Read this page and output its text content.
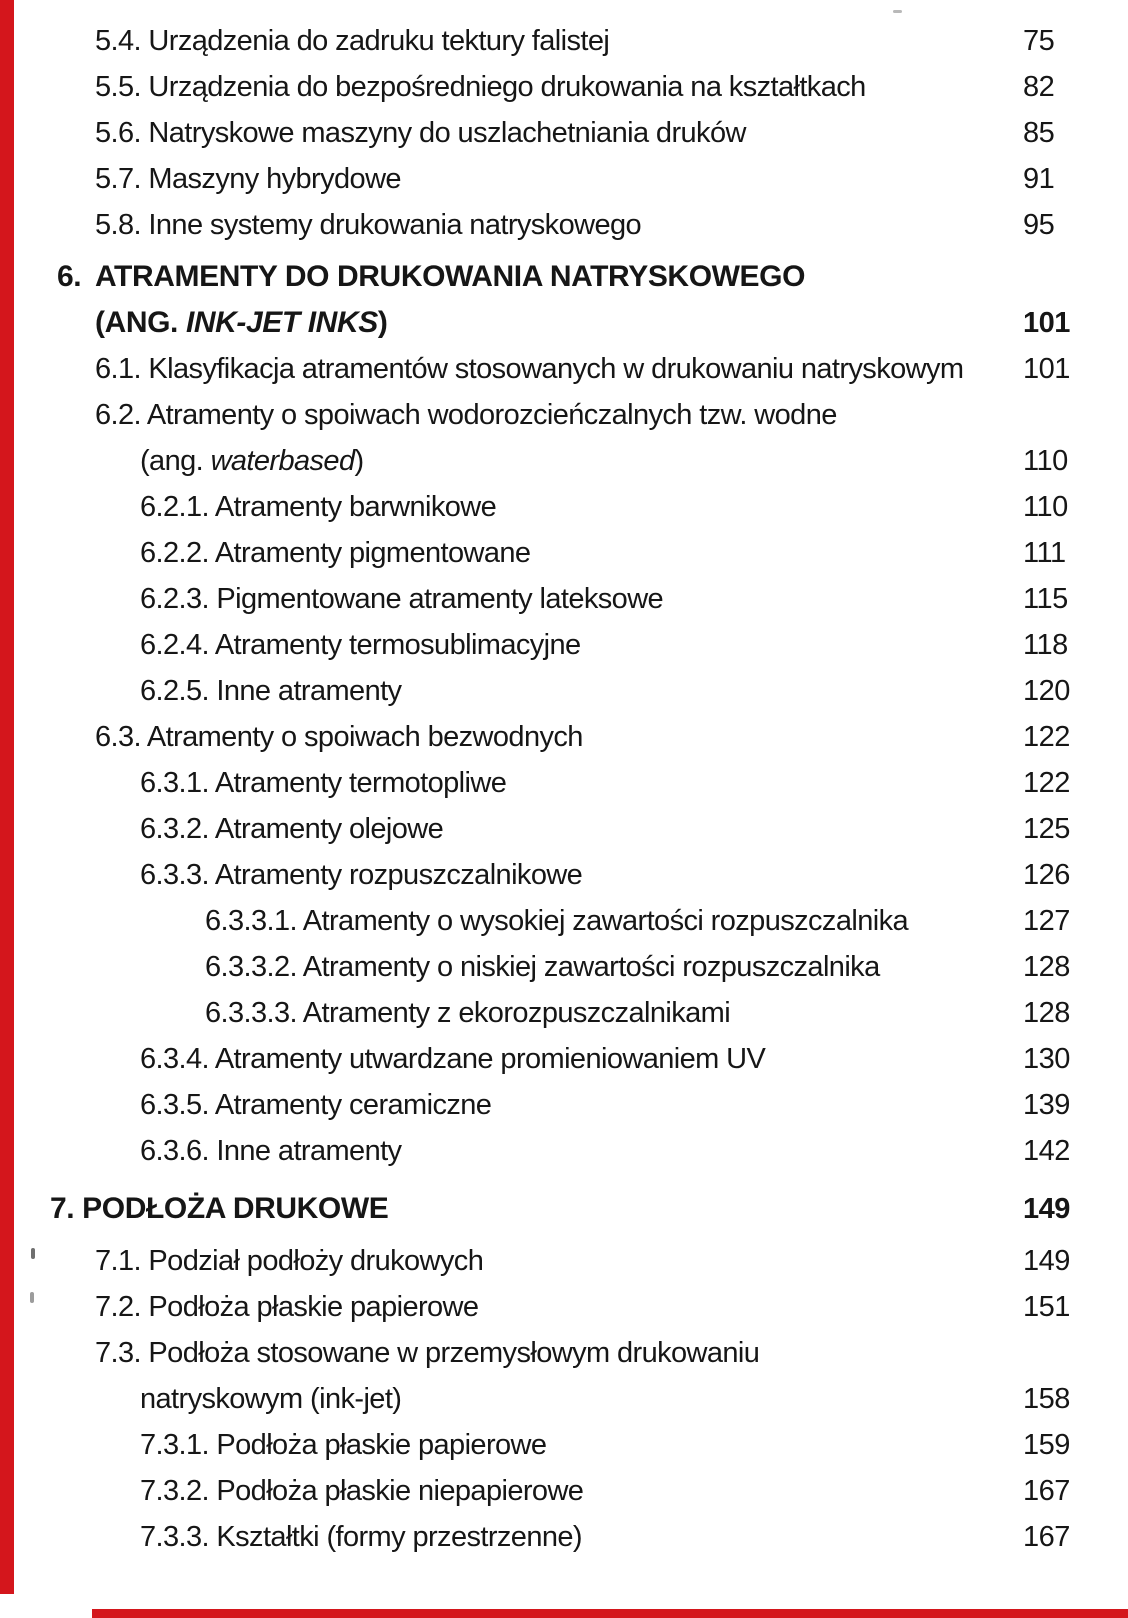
5.4. Urządzenia do zadruku tektury falistej	75
5.5. Urządzenia do bezpośredniego drukowania na kształtkach	82
5.6. Natryskowe maszyny do uszlachetniania druków	85
5.7. Maszyny hybrydowe	91
5.8. Inne systemy drukowania natryskowego	95
6. ATRAMENTY DO DRUKOWANIA NATRYSKOWEGO
(ANG. INK-JET INKS)	101
6.1. Klasyfikacja atramentów stosowanych w drukowaniu natryskowym	101
6.2. Atramenty o spoiwach wodorozcieńczalnych tzw. wodne
(ang. waterbased)	110
6.2.1. Atramenty barwnikowe	110
6.2.2. Atramenty pigmentowane	111
6.2.3. Pigmentowane atramenty lateksowe	115
6.2.4. Atramenty termosublimacyjne	118
6.2.5. Inne atramenty	120
6.3. Atramenty o spoiwach bezwodnych	122
6.3.1. Atramenty termotopliwe	122
6.3.2. Atramenty olejowe	125
6.3.3. Atramenty rozpuszczalnikowe	126
6.3.3.1. Atramenty o wysokiej zawartości rozpuszczalnika	127
6.3.3.2. Atramenty o niskiej zawartości rozpuszczalnika	128
6.3.3.3. Atramenty z ekorozpuszczalnikami	128
6.3.4. Atramenty utwardzane promieniowaniem UV	130
6.3.5. Atramenty ceramiczne	139
6.3.6. Inne atramenty	142
7. PODŁOŻA DRUKOWE	149
7.1. Podział podłoży drukowych	149
7.2. Podłoża płaskie papierowe	151
7.3. Podłoża stosowane w przemysłowym drukowaniu
natryskowym (ink-jet)	158
7.3.1. Podłoża płaskie papierowe	159
7.3.2. Podłoża płaskie niepapierowe	167
7.3.3. Kształtki (formy przestrzenne)	167
